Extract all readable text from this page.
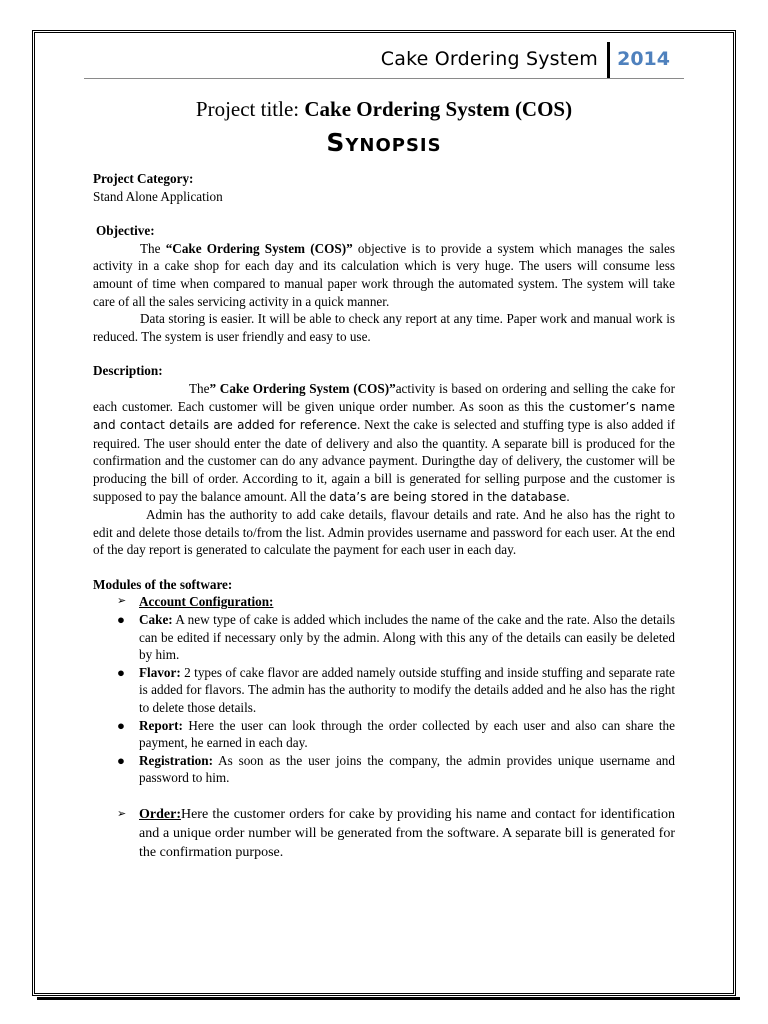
Cake Ordering System 2014

Project title: Cake Ordering System (COS)

Synopsis

Project Category:

Stand Alone Application

Objective:

The “Cake Ordering System (COS)” objective is to provide a system which manages the sales activity in a cake shop for each day and its calculation which is very huge. The users will consume less amount of time when compared to manual paper work through the automated system. The system will take care of all the sales servicing activity in a quick manner.

Data storing is easier. It will be able to check any report at any time. Paper work and manual work is reduced. The system is user friendly and easy to use.

Description:

The” Cake Ordering System (COS)”activity is based on ordering and selling the cake for each customer. Each customer will be given unique order number. As soon as this the customer’s name and contact details are added for reference. Next the cake is selected and stuffing type is also added if required. The user should enter the date of delivery and also the quantity. A separate bill is produced for the confirmation and the customer can do any advance payment. Duringthe day of delivery, the customer will be producing the bill of order. According to it, again a bill is generated for selling purpose and the customer is supposed to pay the balance amount. All the data’s are being stored in the database.

Admin has the authority to add cake details, flavour details and rate. And he also has the right to edit and delete those details to/from the list. Admin provides username and password for each user. At the end of the day report is generated to calculate the payment for each user in each day.

Modules of the software:

➢ Account Configuration:
● Cake: A new type of cake is added which includes the name of the cake and the rate. Also the details can be edited if necessary only by the admin. Along with this any of the details can easily be deleted by him.
● Flavor: 2 types of cake flavor are added namely outside stuffing and inside stuffing and separate rate is added for flavors. The admin has the authority to modify the details added and he also has the right to delete those details.
● Report: Here the user can look through the order collected by each user and also can share the payment, he earned in each day.
● Registration: As soon as the user joins the company, the admin provides unique username and password to him.
➢ Order:Here the customer orders for cake by providing his name and contact for identification and a unique order number will be generated from the software. A separate bill is generated for the confirmation purpose.
